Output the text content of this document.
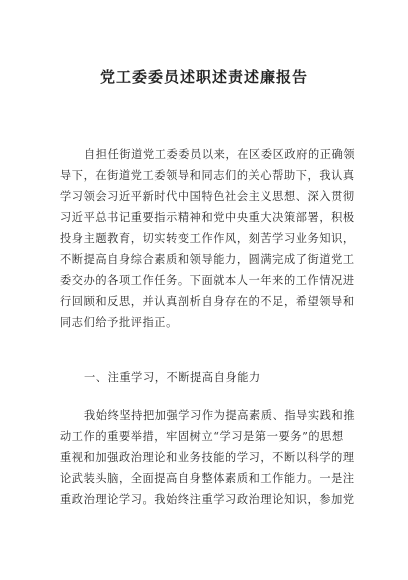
党工委委员述职述责述廉报告
自担任街道党工委委员以来，在区委区政府的正确领
导下，在街道党工委领导和同志们的关心帮助下，我认真
学习领会习近平新时代中国特色社会主义思想、深入贯彻
习近平总书记重要指示精神和党中央重大决策部署，积极
投身主题教育，切实转变工作作风，刻苦学习业务知识，
不断提高自身综合素质和领导能力，圆满完成了街道党工
委交办的各项工作任务。下面就本人一年来的工作情况进
行回顾和反思，并认真剖析自身存在的不足，希望领导和
同志们给予批评指正。
一、注重学习，不断提高自身能力
我始终坚持把加强学习作为提高素质、指导实践和推
动工作的重要举措，牢固树立“学习是第一要务”的思想
重视和加强政治理论和业务技能的学习，不断以科学的理
论武装头脑，全面提高自身整体素质和工作能力。一是注
重政治理论学习。我始终注重学习政治理论知识，参加党
